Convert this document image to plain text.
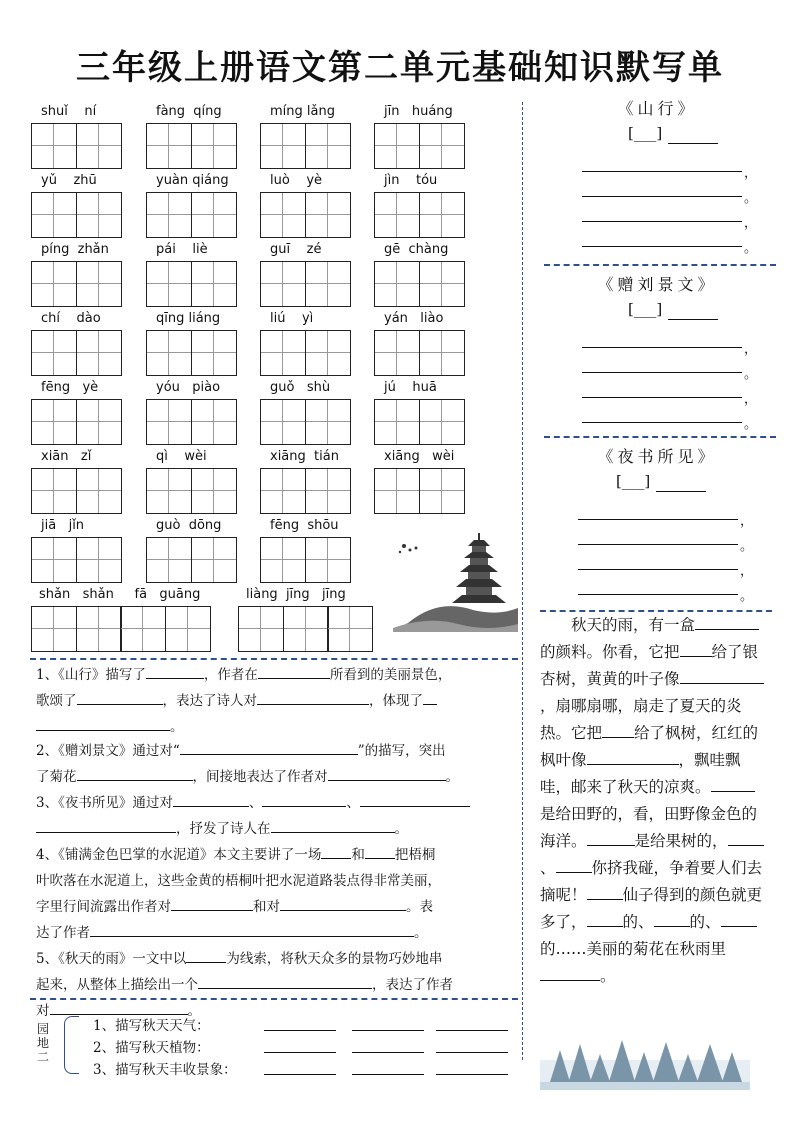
三年级上册语文第二单元基础知识默写单
shuǐ    ní	fàng  qíng	míng lǎng	jīn   huáng
yǔ    zhū	yuàn qiáng	luò    yè	jìn    tóu
píng  zhǎn	pái    liè	guī    zé	gē  chàng
chí    dào	qīng liáng	liú    yì	yán   liào
fēng   yè	yóu   piào	guǒ   shù	jú    huā
xiān   zǐ	qì    wèi	xiāng  tián	xiāng   wèi
jiā   jǐn	guò  dōng	fēng  shōu
shǎn   shǎn     fā   guāng	liàng  jīng   jīng
1、《山行》描写了	，作者在	所看到的美丽景色，
歌颂了	，表达了诗人对	，体现了
。
2、《赠刘景文》通过对“	”的描写，突出
了菊花	，间接地表达了作者对	。
3、《夜书所见》通过对	、	、
，抒发了诗人在	。
4、《铺满金色巴掌的水泥道》本文主要讲了一场 和 把梧桐
叶吹落在水泥道上，这些金黄的梧桐叶把水泥道路装点得非常美丽，
字里行间流露出作者对	和对	。表
达了作者	。
5、《秋天的雨》一文中以	为线索，将秋天众多的景物巧妙地串
起来，从整体上描绘出一个	，表达了作者
对	。
园地二
1、描写秋天天气：
2、描写秋天植物：
3、描写秋天丰收景象：
《山行》
[___]
，
。
，
。
《赠刘景文》
[___]
，
。
，
。
《夜书所见》
[___]
，
。
，
。

秋天的雨，有一盒的颜料。你看，它把 给了银杏树，黄黄的叶子像，扇哪扇哪，扇走了夏天的炎热。它把 给了枫树，红红的枫叶像	，飘哇飘哇，邮来了秋天的凉爽。是给田野的，看，田野像金色的海洋。	是给果树的，、 你挤我碰，争着要人们去摘呢！ 仙子得到的颜色就更多了， 的、 的、的……美丽的菊花在秋雨里。
